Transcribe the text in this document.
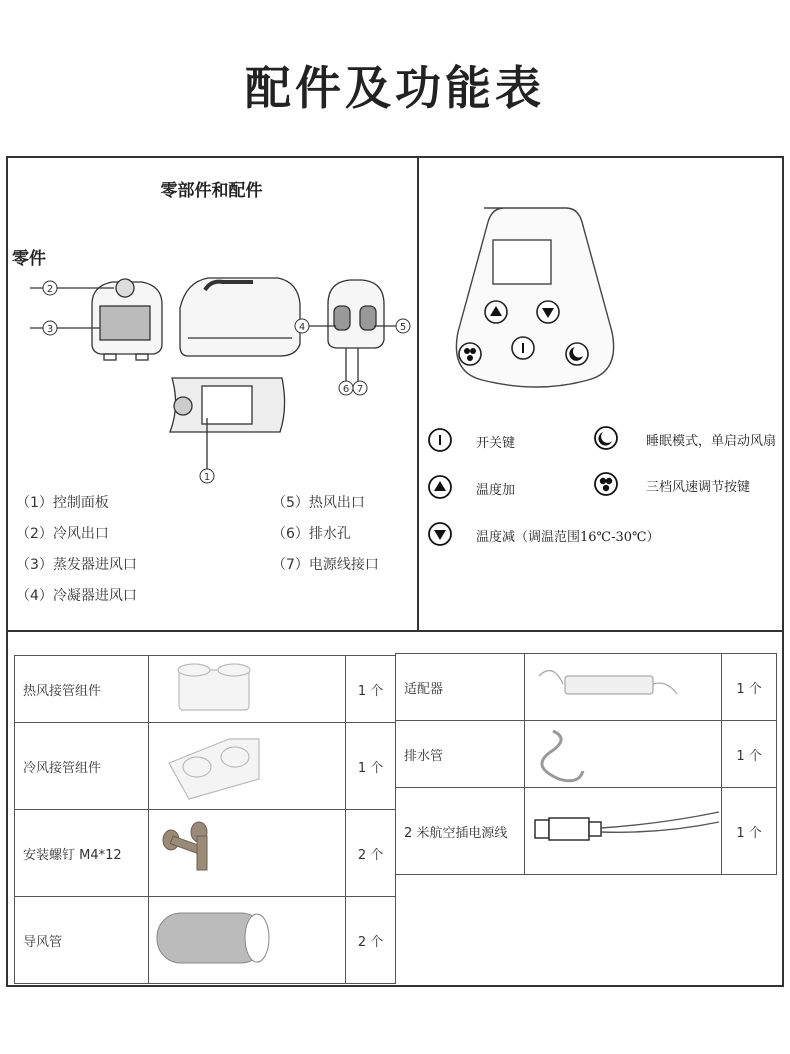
配件及功能表
零部件和配件
零件
2
3	4	5
1
6 7
（1）控制面板
（2）冷风出口
（3）蒸发器进风口
（4）冷凝器进风口
（5）热风出口
（6）排水孔
（7）电源线接口
开关键	睡眠模式，单启动风扇
温度加	三档风速调节按键
温度减（调温范围16℃-30℃）
热风接管组件		1 个
冷风接管组件		1 个
安装螺钉 M4*12		2 个
导风管		2 个
适配器		1 个
排水管		1 个
2 米航空插电源线		1 个
